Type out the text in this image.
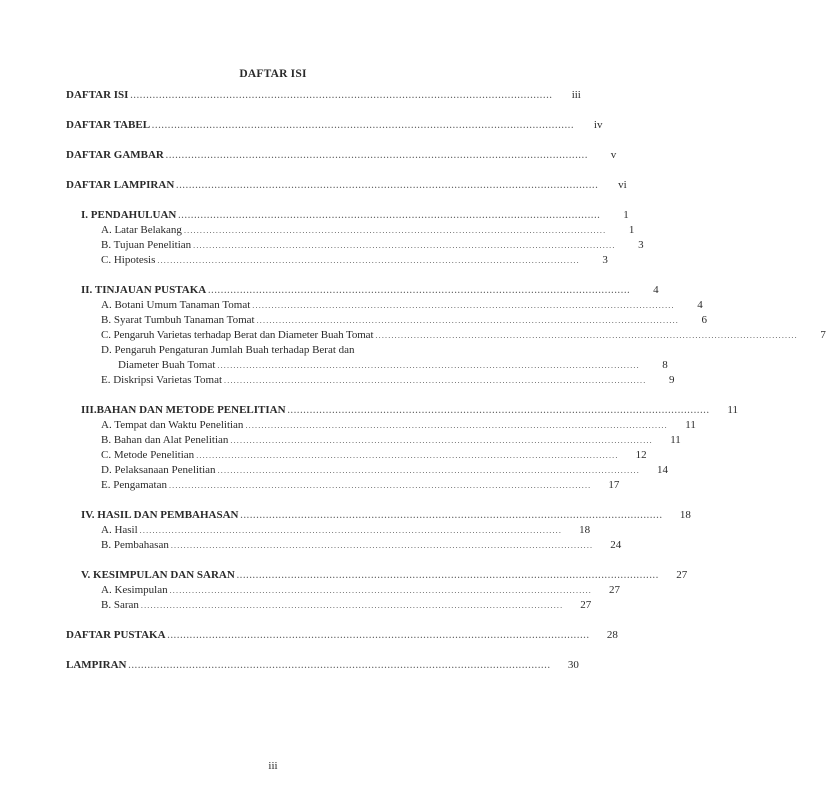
DAFTAR ISI
DAFTAR ISI ....................................................................................................................................	iii
DAFTAR TABEL ....................................................................................................................................	iv
DAFTAR GAMBAR ....................................................................................................................................	v
DAFTAR LAMPIRAN ....................................................................................................................................	vi
I. PENDAHULUAN ....................................................................................................................................	1
A. Latar Belakang ....................................................................................................................................	1
B. Tujuan Penelitian ....................................................................................................................................	3
C. Hipotesis ....................................................................................................................................	3
II. TINJAUAN PUSTAKA ....................................................................................................................................	4
A. Botani Umum Tanaman Tomat ....................................................................................................................................	4
B. Syarat Tumbuh Tanaman Tomat ....................................................................................................................................	6
C. Pengaruh Varietas terhadap Berat dan Diameter Buah Tomat ....................................................................................................................................	7
D. Pengaruh Pengaturan Jumlah Buah terhadap Berat dan
Diameter Buah Tomat ....................................................................................................................................	8
E. Diskripsi Varietas Tomat ....................................................................................................................................	9
III.BAHAN DAN METODE PENELITIAN ....................................................................................................................................	11
A. Tempat dan Waktu Penelitian ....................................................................................................................................	11
B. Bahan dan Alat Penelitian ....................................................................................................................................	11
C. Metode Penelitian ....................................................................................................................................	12
D. Pelaksanaan Penelitian ....................................................................................................................................	14
E. Pengamatan ....................................................................................................................................	17
IV. HASIL DAN PEMBAHASAN ....................................................................................................................................	18
A. Hasil ....................................................................................................................................	18
B. Pembahasan ....................................................................................................................................	24
V. KESIMPULAN DAN SARAN ....................................................................................................................................	27
A. Kesimpulan ....................................................................................................................................	27
B. Saran ....................................................................................................................................	27
DAFTAR PUSTAKA ....................................................................................................................................	28
LAMPIRAN ....................................................................................................................................	30
iii
